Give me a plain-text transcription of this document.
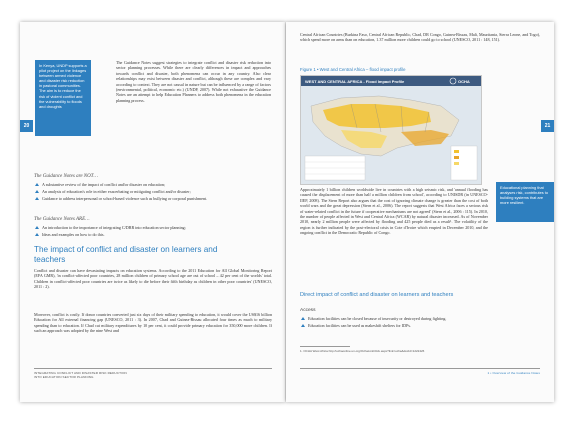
20
In Kenya, UNDP supports a pilot project on the linkages between armed violence and disaster risk reduction in pastoral communities. The aim is to reduce the risk of violent conflict and the vulnerability to floods and droughts

The Guidance Notes suggest strategies to integrate conflict and disaster risk reduction into sector planning processes. While there are clearly differences in impact and approaches towards conflict and disaster, both phenomena can occur in any country. Also clear relationships may exist between disaster and conflict, although these are complex and vary according to context. They are not causal in nature but can be influenced by a range of factors (environmental, political, economic etc.) (UNDP, 2007). While not exhaustive the Guidance Notes are an attempt to help Education Planners to address both phenomena in the education planning process.

The Guidance Notes are NOT…
A substantive review of the impact of conflict and/or disaster on education;
An analysis of education's role in either exacerbating or mitigating conflict and/or disaster;
Guidance to address interpersonal or school-based violence such as bullying or corporal punishment.
The Guidance Notes ARE…
An introduction to the importance of integrating C/DRR into education sector planning;
Ideas and examples on how to do this.
The impact of conflict and disaster on learners and teachers

Conflict and disaster can have devastating impacts on education systems. According to the 2011 Education for All Global Monitoring Report (EFA GMR), 'in conflict-affected poor countries, 28 million children of primary school age are out of school – 42 per cent of the worlds' total. Children in conflict-affected poor countries are twice as likely to die before their fifth birthday as children in other poor countries' (UNESCO, 2011 : 2).

Moreover, conflict is costly. If donor countries converted just six days of their military spending to education, it would cover the US$16 billion Education for All external financing gap (UNESCO, 2011 : 3). In 2007, Chad and Guinea-Bissau allocated four times as much to military spending than to education. If Chad cut military expenditures by 10 per cent, it could provide primary education for 350,000 more children. If such an approach was adopted by the nine West and

INTEGRATING CONFLICT AND DISASTER RISK REDUCTION
INTO EDUCATION SECTOR PLANNING
21

Central African Countries (Burkina Faso, Central African Republic, Chad, DR Congo, Guinea-Bissau, Mali, Mauritania, Sierra Leone, and Togo), which spend more on arms than on education, 1.37 million more children could go to school (UNESCO, 2011 : 148, 151).

Figure 1 • West and Central Africa – flood impact profile
WEST AND CENTRAL AFRICA - Flood Impact Profile	OCHA
Educational planning that analyses risk, contributes to building systems that are more resilient.

Approximately 1 billion children worldwide live in countries with a high seismic risk, and 'annual flooding has caused the displacement of more than half a million children from school', according to UNISDR (in UNESCO-IIEP, 2008). The Stern Report also argues that the cost of ignoring climate change is greater than the cost of both world wars and the great depression (Stern et al., 2006). The report suggests that West Africa faces a serious risk of water-related conflict in the future if cooperative mechanisms are not agreed' (Stern et al., 2006 : 115). In 2010, the number of people affected in West and Central Africa (WCAR) by natural disaster increased. As of November 2010, nearly 2 million people were affected by flooding and 425 people died as a result¹. The volatility of the region is further indicated by the post-electoral crisis in Cote d'Ivoire which erupted in December 2010, and the ongoing conflict in the Democratic Republic of Congo.

Direct impact of conflict and disaster on learners and teachers
Access
Education facilities can be closed because of insecurity or destroyed during fighting.
Education facilities can be used as makeshift shelters for IDPs.
1. OCHA West Africa http://ochaonline.un.org/OchaLinkClick.aspx?link=ocha&docId=1222426
1 • Overview of the Guidance Notes
